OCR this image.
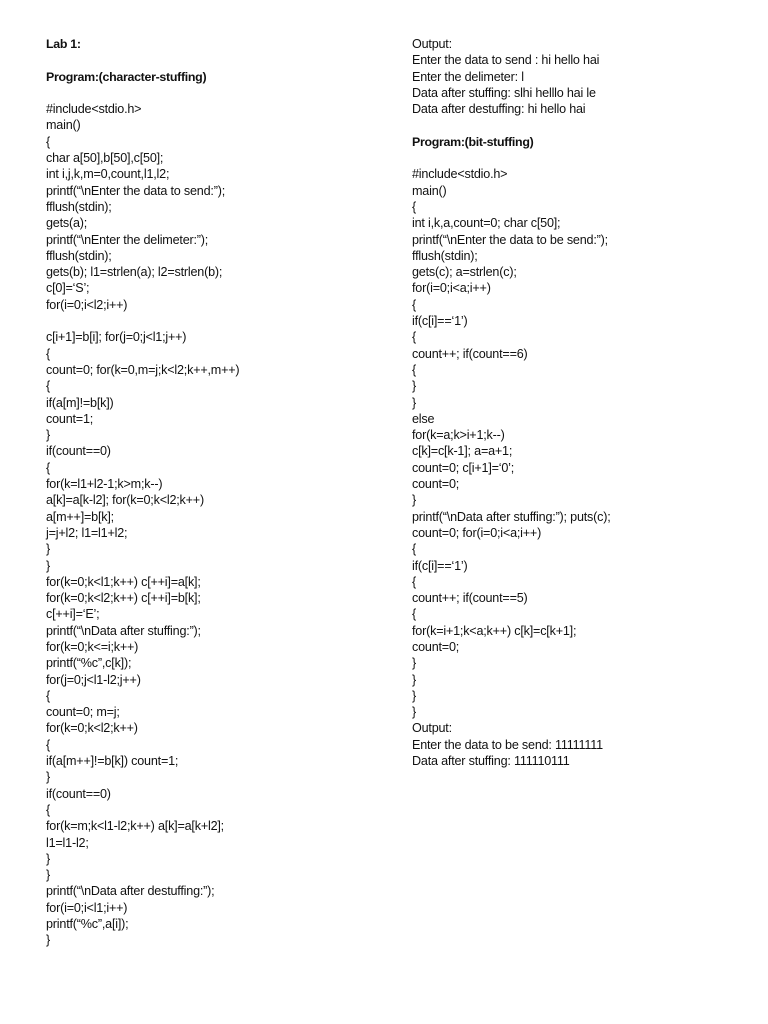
Lab 1:
Program:(character-stuffing)
#include<stdio.h>
main()
{
char a[50],b[50],c[50];
int i,j,k,m=0,count,l1,l2;
printf(“\nEnter the data to send:”);
fflush(stdin);
gets(a);
printf(“\nEnter the delimeter:”);
fflush(stdin);
gets(b); l1=strlen(a); l2=strlen(b);
c[0]=‘S’;
for(i=0;i<l2;i++)
c[i+1]=b[i]; for(j=0;j<l1;j++)
{
count=0; for(k=0,m=j;k<l2;k++,m++)
{
if(a[m]!=b[k])
count=1;
}
if(count==0)
{
for(k=l1+l2-1;k>m;k--)
a[k]=a[k-l2]; for(k=0;k<l2;k++)
a[m++]=b[k];
j=j+l2; l1=l1+l2;
}
}
for(k=0;k<l1;k++) c[++i]=a[k];
for(k=0;k<l2;k++) c[++i]=b[k];
c[++i]=‘E’;
printf(“\nData after stuffing:”);
for(k=0;k<=i;k++)
printf(“%c”,c[k]);
for(j=0;j<l1-l2;j++)
{
count=0; m=j;
for(k=0;k<l2;k++)
{
if(a[m++]!=b[k]) count=1;
}
if(count==0)
{
for(k=m;k<l1-l2;k++) a[k]=a[k+l2];
l1=l1-l2;
}
}
printf(“\nData after destuffing:”);
for(i=0;i<l1;i++)
printf(“%c”,a[i]);
}
Output:
Enter the data to send : hi hello hai
Enter the delimeter: l
Data after stuffing: slhi helllo hai le
Data after destuffing: hi hello hai
Program:(bit-stuffing)
#include<stdio.h>
main()
{
int i,k,a,count=0; char c[50];
printf(“\nEnter the data to be send:”);
fflush(stdin);
gets(c); a=strlen(c);
for(i=0;i<a;i++)
{
if(c[i]==‘1’)
{
count++; if(count==6)
{
}
}
else
for(k=a;k>i+1;k--)
c[k]=c[k-1]; a=a+1;
count=0; c[i+1]=‘0’;
count=0;
}
printf(“\nData after stuffing:”); puts(c);
count=0; for(i=0;i<a;i++)
{
if(c[i]==‘1’)
{
count++; if(count==5)
{
for(k=i+1;k<a;k++) c[k]=c[k+1];
count=0;
}
}
}
}
Output:
Enter the data to be send: 11111111
Data after stuffing: 111110111
